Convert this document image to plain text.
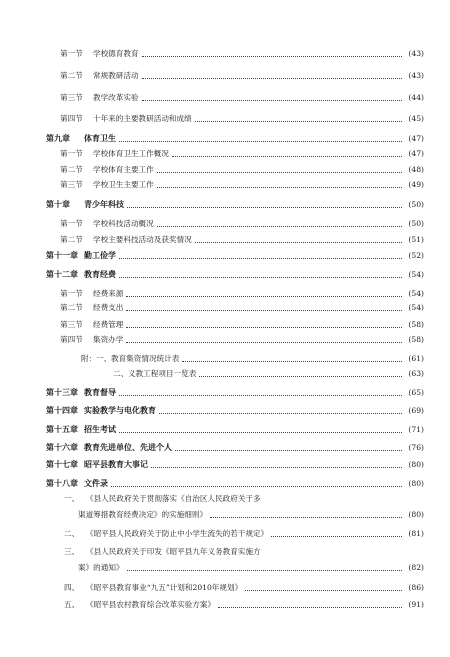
第一节 学校德育教育	(43)
第二节 常规教研活动	(43)
第三节 教学改革实验	(44)
第四节 十年来的主要教研活动和成绩	(45)
第九章 体育卫生	(47)
第一节 学校体育卫生工作概况	(47)
第二节 学校体育主要工作	(48)
第三节 学校卫生主要工作	(49)
第十章 青少年科技	(50)
第一节 学校科技活动概况	(50)
第二节 学校主要科技活动及获奖情况	(51)
第十一章 勤工俭学	(52)
第十二章 教育经费	(54)
第一节 经费来源	(54)
第二节 经费支出	(54)
第三节 经费管理	(58)
第四节 集资办学	(58)
附：一、 教育集资情况统计表	(61)
二、 义教工程项目一览表	(63)
第十三章 教育督导	(65)
第十四章 实验教学与电化教育	(69)
第十五章 招生考试	(71)
第十六章 教育先进单位、先进个人	(76)
第十七章 昭平县教育大事记	(80)
第十八章 文件录	(80)
一、 《县人民政府关于贯彻落实《自治区人民政府关于多
渠道筹措教育经费决定》的实施细则》	(80)
二、 《昭平县人民政府关于防止中小学生流失的若干规定》	(81)
三、 《县人民政府关于印发《昭平县九年义务教育实施方
案》的通知》	(82)
四、 《昭平县教育事业“九五”计划和2010年规划》	(86)
五、 《昭平县农村教育综合改革实验方案》	(91)
